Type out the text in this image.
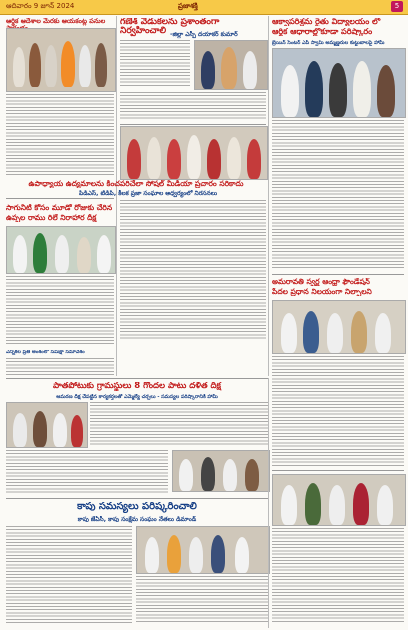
ఆదివారం 9 జూన్ 2024	ప్రజాశక్తి	5
ఆర్థిక ఆదేశాల మేరకు ఆయకంట్ల పనుల	గణేశ్ వేడుకలను ప్రశాంతంగా నిర్వహించాలి -జిల్లా ఎస్పీ దయాకర్ కుమార్
ఆక్వాపరిశ్రమ రైతు విద్యాలయం లో
ఆర్థిక ఆధారాల్లోకూడా పరిష్కారం
బ్రెయిన్ సెంటర్ ఎపి స్వామి అమ్మణ్ణరుల కుట్టుబాలపై హామీ
ఉపాధ్యాయ ఉద్యమాలను కించపరిచేలా సోషల్ మీడియా ప్రచారం సరికాదు
పిడిఎస్, టిడిపి, కీలక ప్రజా సంఘాల ఆధ్వర్యంలో నిరసనలు
సాగునీటి కోసం మూడో రోజుకు చేరిన
ఉప్పల రాము రిలే నిరాహార దీక్ష
ఎన్నికల ప్రతి అంశంలో సమీక్షా సమావేశం
అమరావతి స్వర్ణ ఆంధ్రా ఫౌండేషన్
పేదల ప్రధాన నిలయంగా నిల్పాలని
పాతపోటుకు గ్రామస్థులు 8 గొందల పాటు దళిత దీక్ష
ఆమరణ దీక్ష చేపట్టిన కార్యకర్తలతో ఎమ్మెల్యే చర్చలు - సమస్యల పరిష్కారానికి హామీ
కాపు సమస్యలు పరిష్కరించాలి
కాపు జేఏసీ, కాపు సంక్షేమ సంఘం నేతలు డిమాండ్
